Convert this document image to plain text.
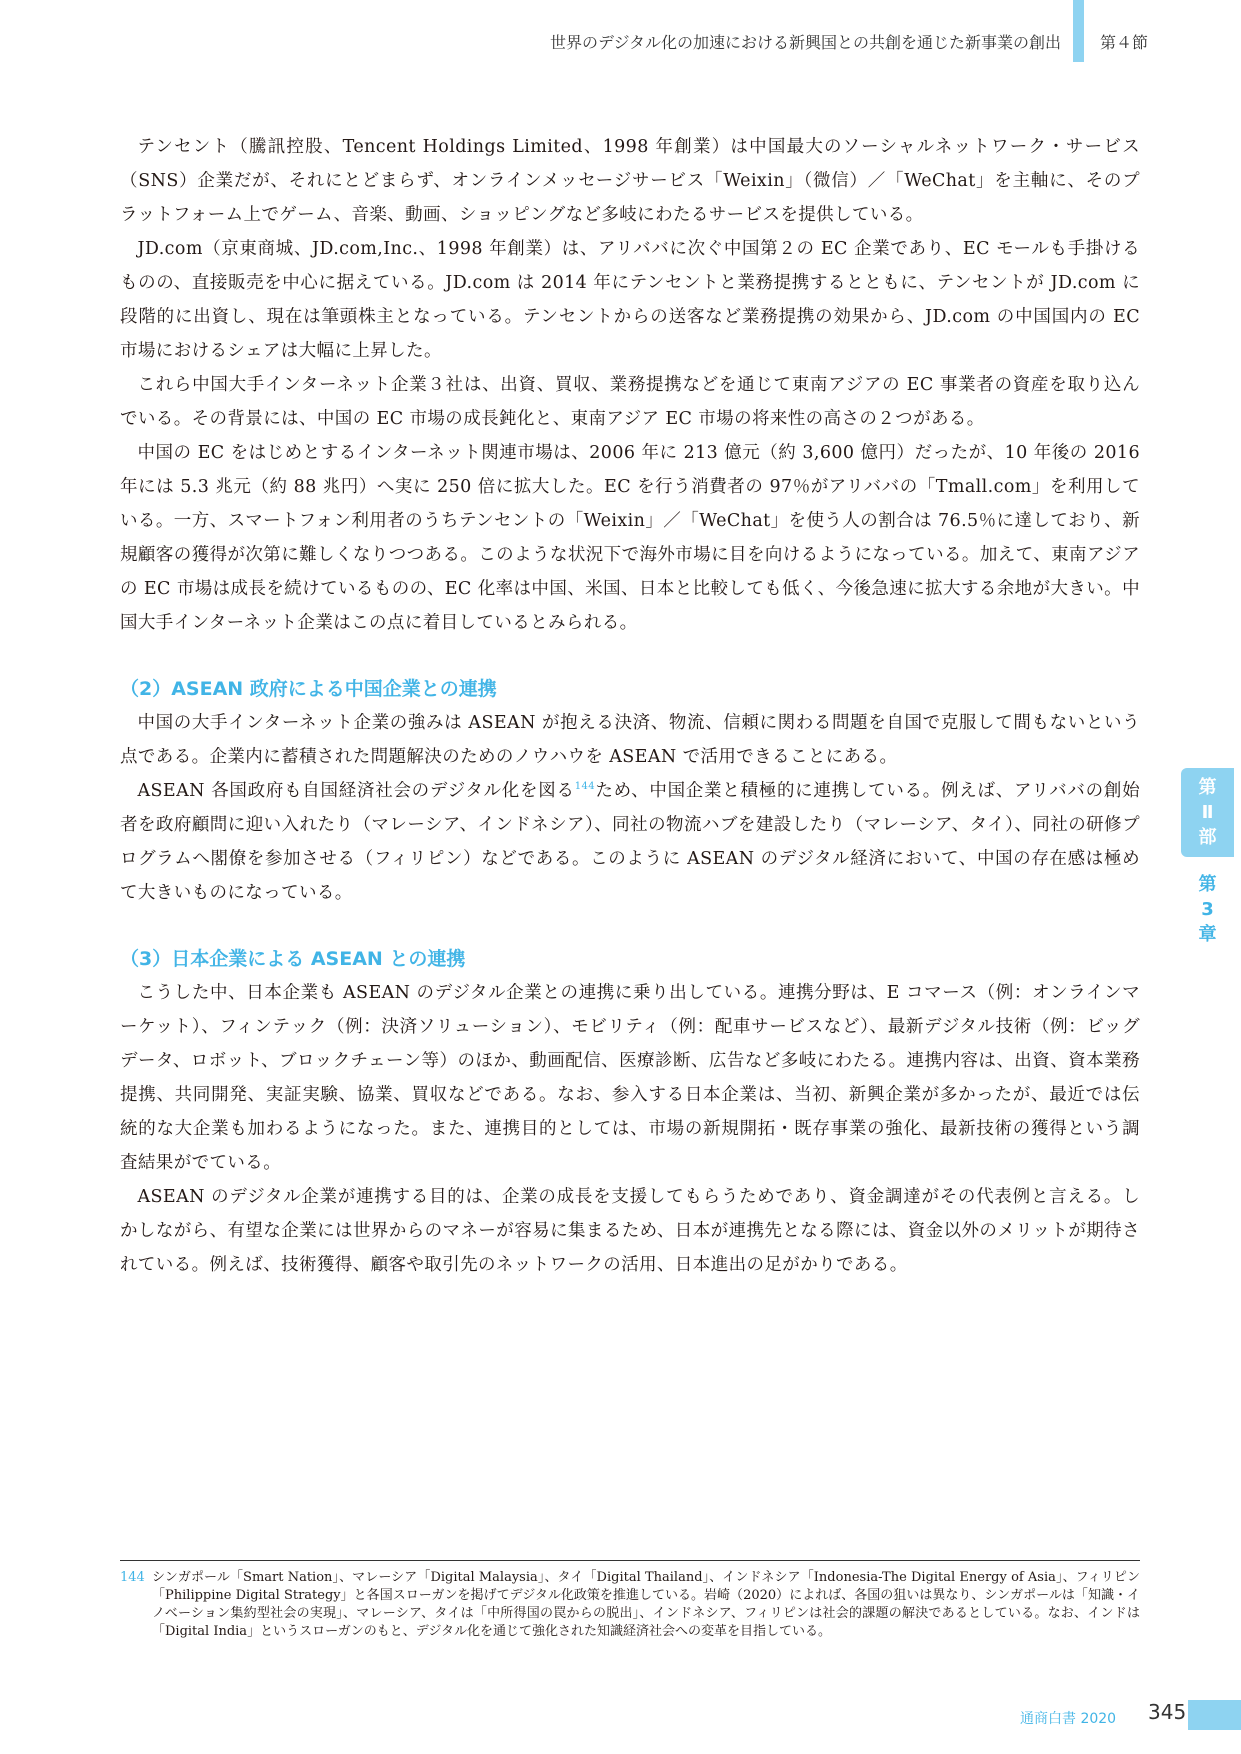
世界のデジタル化の加速における新興国との共創を通じた新事業の創出 第４節

テンセント（騰訊控股、Tencent Holdings Limited、1998 年創業）は中国最大のソーシャルネットワーク・サービス（SNS）企業だが、それにとどまらず、オンラインメッセージサービス「Weixin」（微信）／「WeChat」を主軸に、そのプラットフォーム上でゲーム、音楽、動画、ショッピングなど多岐にわたるサービスを提供している。

JD.com（京東商城、JD.com,Inc.、1998 年創業）は、アリババに次ぐ中国第２の EC 企業であり、EC モールも手掛けるものの、直接販売を中心に据えている。JD.com は 2014 年にテンセントと業務提携するとともに、テンセントが JD.com に段階的に出資し、現在は筆頭株主となっている。テンセントからの送客など業務提携の効果から、JD.com の中国国内の EC 市場におけるシェアは大幅に上昇した。

これら中国大手インターネット企業３社は、出資、買収、業務提携などを通じて東南アジアの EC 事業者の資産を取り込んでいる。その背景には、中国の EC 市場の成長鈍化と、東南アジア EC 市場の将来性の高さの２つがある。

中国の EC をはじめとするインターネット関連市場は、2006 年に 213 億元（約 3,600 億円）だったが、10 年後の 2016 年には 5.3 兆元（約 88 兆円）へ実に 250 倍に拡大した。EC を行う消費者の 97％がアリババの「Tmall.com」を利用している。一方、スマートフォン利用者のうちテンセントの「Weixin」／「WeChat」を使う人の割合は 76.5％に達しており、新規顧客の獲得が次第に難しくなりつつある。このような状況下で海外市場に目を向けるようになっている。加えて、東南アジアの EC 市場は成長を続けているものの、EC 化率は中国、米国、日本と比較しても低く、今後急速に拡大する余地が大きい。中国大手インターネット企業はこの点に着目しているとみられる。

（2）ASEAN 政府による中国企業との連携

中国の大手インターネット企業の強みは ASEAN が抱える決済、物流、信頼に関わる問題を自国で克服して間もないという点である。企業内に蓄積された問題解決のためのノウハウを ASEAN で活用できることにある。

ASEAN 各国政府も自国経済社会のデジタル化を図る$^{144}$ため、中国企業と積極的に連携している。例えば、アリババの創始者を政府顧問に迎い入れたり（マレーシア、インドネシア）、同社の物流ハブを建設したり（マレーシア、タイ）、同社の研修プログラムへ閣僚を参加させる（フィリピン）などである。このように ASEAN のデジタル経済において、中国の存在感は極めて大きいものになっている。

（3）日本企業による ASEAN との連携

こうした中、日本企業も ASEAN のデジタル企業との連携に乗り出している。連携分野は、E コマース（例：オンラインマーケット）、フィンテック（例：決済ソリューション）、モビリティ（例：配車サービスなど）、最新デジタル技術（例：ビッグデータ、ロボット、ブロックチェーン等）のほか、動画配信、医療診断、広告など多岐にわたる。連携内容は、出資、資本業務提携、共同開発、実証実験、協業、買収などである。なお、参入する日本企業は、当初、新興企業が多かったが、最近では伝統的な大企業も加わるようになった。また、連携目的としては、市場の新規開拓・既存事業の強化、最新技術の獲得という調査結果がでている。

ASEAN のデジタル企業が連携する目的は、企業の成長を支援してもらうためであり、資金調達がその代表例と言える。しかしながら、有望な企業には世界からのマネーが容易に集まるため、日本が連携先となる際には、資金以外のメリットが期待されている。例えば、技術獲得、顧客や取引先のネットワークの活用、日本進出の足がかりである。

第
Ⅱ
部
第
3
章
144 シンガポール「Smart Nation」、マレーシア「Digital Malaysia」、タイ「Digital Thailand」、インドネシア「Indonesia-The Digital Energy of Asia」、フィリピン「Philippine Digital Strategy」と各国スローガンを掲げてデジタル化政策を推進している。岩崎（2020）によれば、各国の狙いは異なり、シンガポールは「知識・イノベーション集約型社会の実現」、マレーシア、タイは「中所得国の罠からの脱出」、インドネシア、フィリピンは社会的課題の解決であるとしている。なお、インドは「Digital India」というスローガンのもと、デジタル化を通じて強化された知識経済社会への変革を目指している。
通商白書 2020 345
